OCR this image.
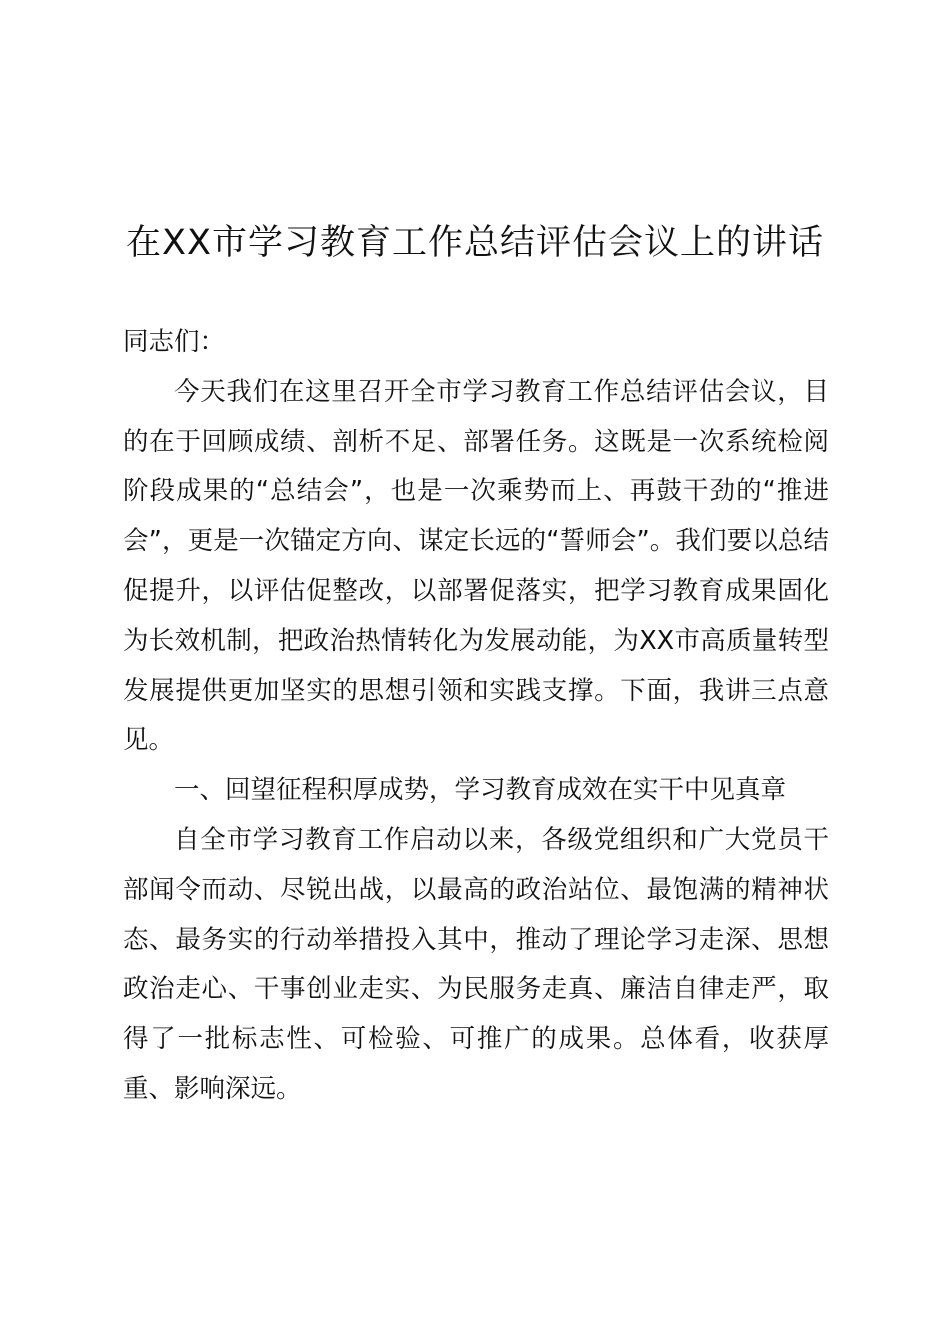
在XX市学习教育工作总结评估会议上的讲话

同志们：

今天我们在这里召开全市学习教育工作总结评估会议，目的在于回顾成绩、剖析不足、部署任务。这既是一次系统检阅阶段成果的“总结会”，也是一次乘势而上、再鼓干劲的“推进会”，更是一次锚定方向、谋定长远的“誓师会”。我们要以总结促提升，以评估促整改，以部署促落实，把学习教育成果固化为长效机制，把政治热情转化为发展动能，为XX市高质量转型发展提供更加坚实的思想引领和实践支撑。下面，我讲三点意见。

一、回望征程积厚成势，学习教育成效在实干中见真章

自全市学习教育工作启动以来，各级党组织和广大党员干部闻令而动、尽锐出战，以最高的政治站位、最饱满的精神状态、最务实的行动举措投入其中，推动了理论学习走深、思想政治走心、干事创业走实、为民服务走真、廉洁自律走严，取得了一批标志性、可检验、可推广的成果。总体看，收获厚重、影响深远。
